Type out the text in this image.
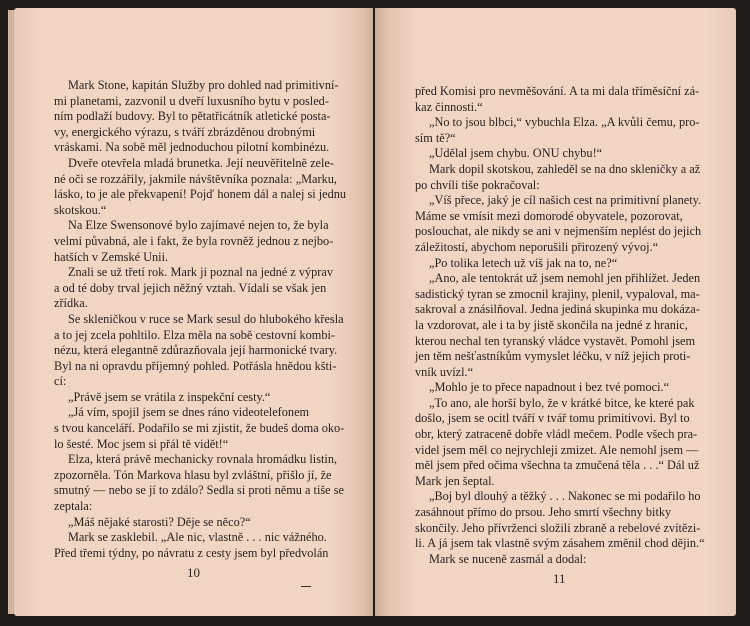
Mark Stone, kapitán Služby pro dohled nad primitivní-
mi planetami, zazvonil u dveří luxusního bytu v posled-
ním podlaží budovy. Byl to pětatřicátník atletické posta-
vy, energického výrazu, s tváří zbrázděnou drobnými
vráskami. Na sobě měl jednoduchou pilotní kombinézu.
Dveře otevřela mladá brunetka. Její neuvěřitelně zele-
né oči se rozzářily, jakmile návštěvníka poznala: „Marku,
lásko, to je ale překvapení! Pojď honem dál a nalej si jednu
skotskou.“
Na Elze Swensonové bylo zajímavé nejen to, že byla
velmi půvabná, ale i fakt, že byla rovněž jednou z nejbo-
hatších v Zemské Unii.
Znali se už třetí rok. Mark ji poznal na jedné z výprav
a od té doby trval jejich něžný vztah. Vídali se však jen
zřídka.
Se skleničkou v ruce se Mark sesul do hlubokého křesla
a to jej zcela pohltilo. Elza měla na sobě cestovní kombi-
nézu, která elegantně zdůrazňovala její harmonické tvary.
Byl na ni opravdu příjemný pohled. Potřásla hnědou kšti-
cí:
„Právě jsem se vrátila z inspekční cesty.“
„Já vím, spojil jsem se dnes ráno videotelefonem
s tvou kanceláří. Podařilo se mi zjistit, že budeš doma oko-
lo šesté. Moc jsem si přál tě vidět!“
Elza, která právě mechanicky rovnala hromádku listin,
zpozorněla. Tón Markova hlasu byl zvláštní, přišlo jí, že
smutný — nebo se jí to zdálo? Sedla si proti němu a tiše se
zeptala:
„Máš nějaké starosti? Děje se něco?“
Mark se zasklebil. „Ale nic, vlastně . . . nic vážného.
Před třemi týdny, po návratu z cesty jsem byl předvolán
10
před Komisi pro nevměšování. A ta mi dala tříměsíční zá-
kaz činnosti.“
„No to jsou blbci,“ vybuchla Elza. „A kvůli čemu, pro-
sím tě?“
„Udělal jsem chybu. ONU chybu!“
Mark dopil skotskou, zahleděl se na dno skleničky a až
po chvíli tiše pokračoval:
„Víš přece, jaký je cíl našich cest na primitivní planety.
Máme se vmísit mezi domorodé obyvatele, pozorovat,
poslouchat, ale nikdy se ani v nejmenším neplést do jejich
záležitostí, abychom neporušili přirozený vývoj.“
„Po tolika letech už víš jak na to, ne?“
„Ano, ale tentokrát už jsem nemohl jen přihlížet. Jeden
sadistický tyran se zmocnil krajiny, plenil, vypaloval, ma-
sakroval a znásilňoval. Jedna jediná skupinka mu dokáza-
la vzdorovat, ale i ta by jistě skončila na jedné z hranic,
kterou nechal ten tyranský vládce vystavět. Pomohl jsem
jen těm nešťastníkům vymyslet léčku, v níž jejich proti-
vník uvízl.“
„Mohlo je to přece napadnout i bez tvé pomoci.“
„To ano, ale horší bylo, že v krátké bitce, ke které pak
došlo, jsem se ocitl tváří v tvář tomu primitivovi. Byl to
obr, který zatraceně dobře vládl mečem. Podle všech pra-
videl jsem měl co nejrychleji zmizet. Ale nemohl jsem —
měl jsem před očima všechna ta zmučená těla . . .“ Dál už
Mark jen šeptal.
„Boj byl dlouhý a těžký . . . Nakonec se mi podařilo ho
zasáhnout přímo do prsou. Jeho smrtí všechny bitky
skončily. Jeho přívrženci složili zbraně a rebelové zvítězi-
li. A já jsem tak vlastně svým zásahem změnil chod dějin.“
Mark se nuceně zasmál a dodal:
11
